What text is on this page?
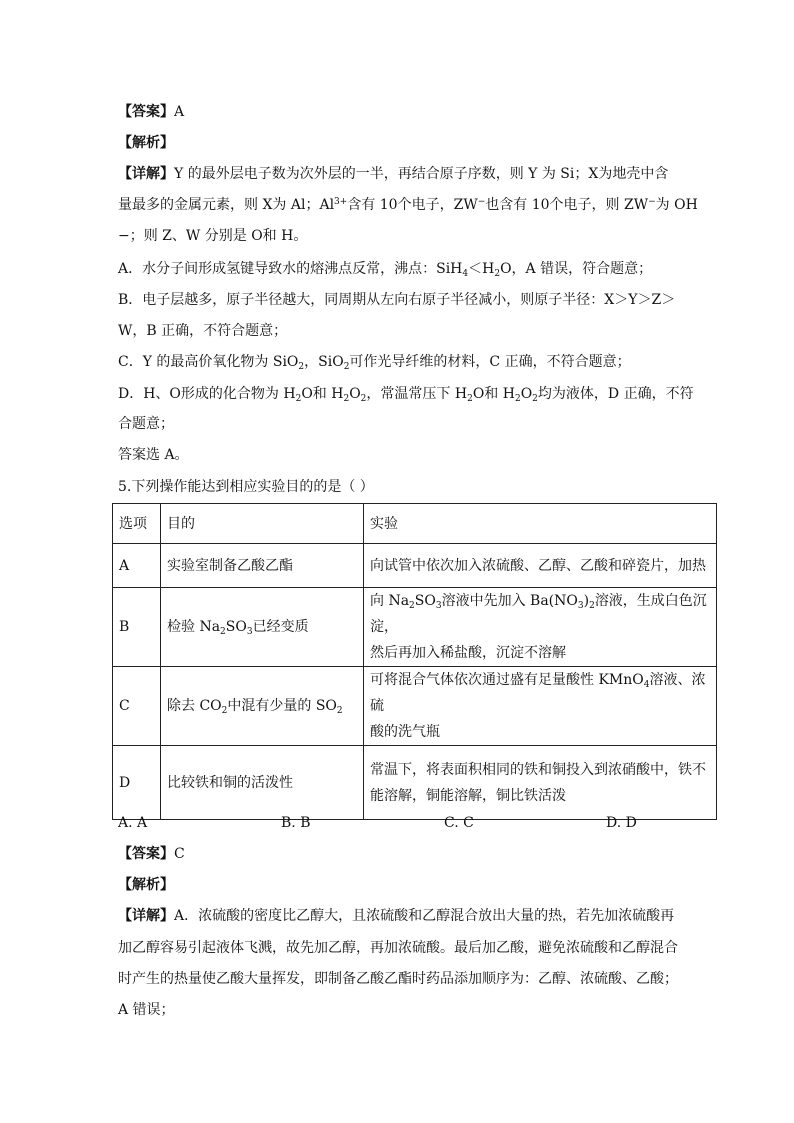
【答案】A
【解析】
【详解】Y 的最外层电子数为次外层的一半，再结合原子序数，则 Y 为 Si；X为地壳中含
量最多的金属元素，则 X为 Al；$Al^{3+}$含有 10个电子，ZW−也含有 10个电子，则 ZW−为 OH
−；则 Z、W 分别是 O和 H。
A．水分子间形成氢键导致水的熔沸点反常，沸点：$SiH_4<H_2O$，A 错误，符合题意；
B．电子层越多，原子半径越大，同周期从左向右原子半径减小，则原子半径：X＞Y＞Z＞
W，B 正确，不符合题意；
C．Y 的最高价氧化物为 SiO$_2$，SiO$_2$可作光导纤维的材料，C 正确，不符合题意；
D．H、O形成的化合物为 $H_2O$和 $H_2O_2$，常温常压下 $H_2O$和 $H_2O_2$均为液体，D 正确，不符
合题意；
答案选 A。
5.下列操作能达到相应实验目的的是（ ）
选项	目的	实验
A	实验室制备乙酸乙酯	向试管中依次加入浓硫酸、乙醇、乙酸和碎瓷片，加热
B	检验 $Na_2SO_3$已经变质	向 $Na_2SO_3$溶液中先加入 $Ba(NO_3)_2$溶液，生成白色沉淀，
然后再加入稀盐酸，沉淀不溶解
C	除去 $CO_2$中混有少量的 $SO_2$	可将混合气体依次通过盛有足量酸性 KMnO$_4$溶液、浓硫
酸的洗气瓶
D	比较铁和铜的活泼性	常温下，将表面积相同的铁和铜投入到浓硝酸中，铁不
能溶解，铜能溶解，铜比铁活泼
A. A	B. B	C. C	D. D
【答案】C
【解析】
【详解】A．浓硫酸的密度比乙醇大，且浓硫酸和乙醇混合放出大量的热，若先加浓硫酸再
加乙醇容易引起液体飞溅，故先加乙醇，再加浓硫酸。最后加乙酸，避免浓硫酸和乙醇混合
时产生的热量使乙酸大量挥发，即制备乙酸乙酯时药品添加顺序为：乙醇、浓硫酸、乙酸；
A 错误；
